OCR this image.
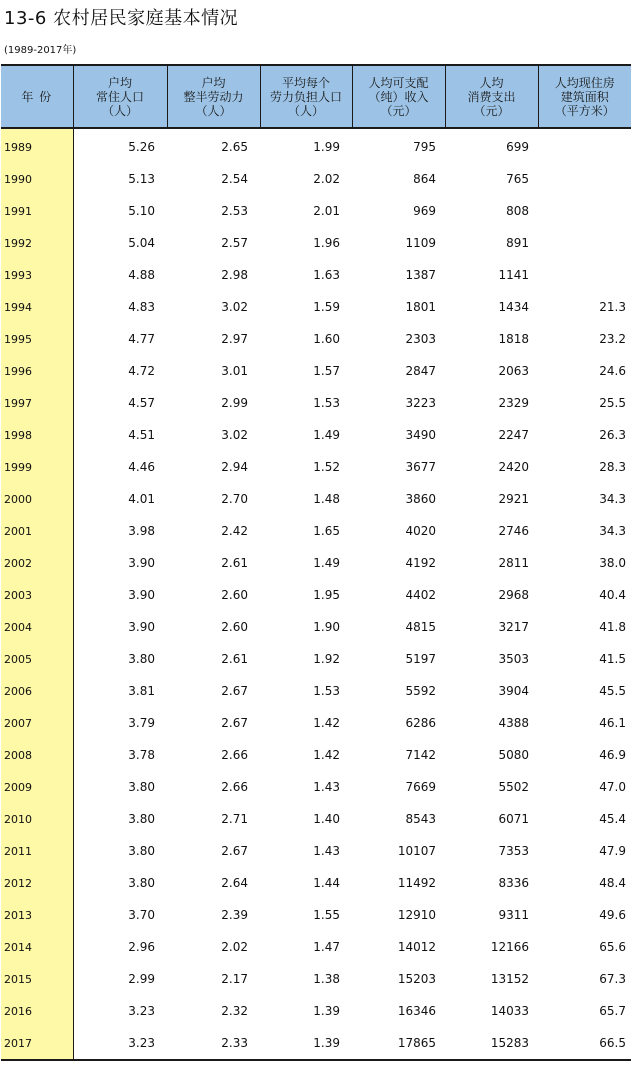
13-6 农村居民家庭基本情况
(1989-2017年)
年 份	户均
常住人口
（人）	户均
整半劳动力
（人）	平均每个
劳力负担人口
（人）	人均可支配
（纯）收入
（元）	人均
消费支出
（元）	人均现住房
建筑面积
（平方米）

1989	5.26	2.65	1.99	795	699	
1990	5.13	2.54	2.02	864	765	
1991	5.10	2.53	2.01	969	808	
1992	5.04	2.57	1.96	1109	891	
1993	4.88	2.98	1.63	1387	1141	
1994	4.83	3.02	1.59	1801	1434	21.3
1995	4.77	2.97	1.60	2303	1818	23.2
1996	4.72	3.01	1.57	2847	2063	24.6
1997	4.57	2.99	1.53	3223	2329	25.5
1998	4.51	3.02	1.49	3490	2247	26.3
1999	4.46	2.94	1.52	3677	2420	28.3
2000	4.01	2.70	1.48	3860	2921	34.3
2001	3.98	2.42	1.65	4020	2746	34.3
2002	3.90	2.61	1.49	4192	2811	38.0
2003	3.90	2.60	1.95	4402	2968	40.4
2004	3.90	2.60	1.90	4815	3217	41.8
2005	3.80	2.61	1.92	5197	3503	41.5
2006	3.81	2.67	1.53	5592	3904	45.5
2007	3.79	2.67	1.42	6286	4388	46.1
2008	3.78	2.66	1.42	7142	5080	46.9
2009	3.80	2.66	1.43	7669	5502	47.0
2010	3.80	2.71	1.40	8543	6071	45.4
2011	3.80	2.67	1.43	10107	7353	47.9
2012	3.80	2.64	1.44	11492	8336	48.4
2013	3.70	2.39	1.55	12910	9311	49.6
2014	2.96	2.02	1.47	14012	12166	65.6
2015	2.99	2.17	1.38	15203	13152	67.3
2016	3.23	2.32	1.39	16346	14033	65.7
2017	3.23	2.33	1.39	17865	15283	66.5
